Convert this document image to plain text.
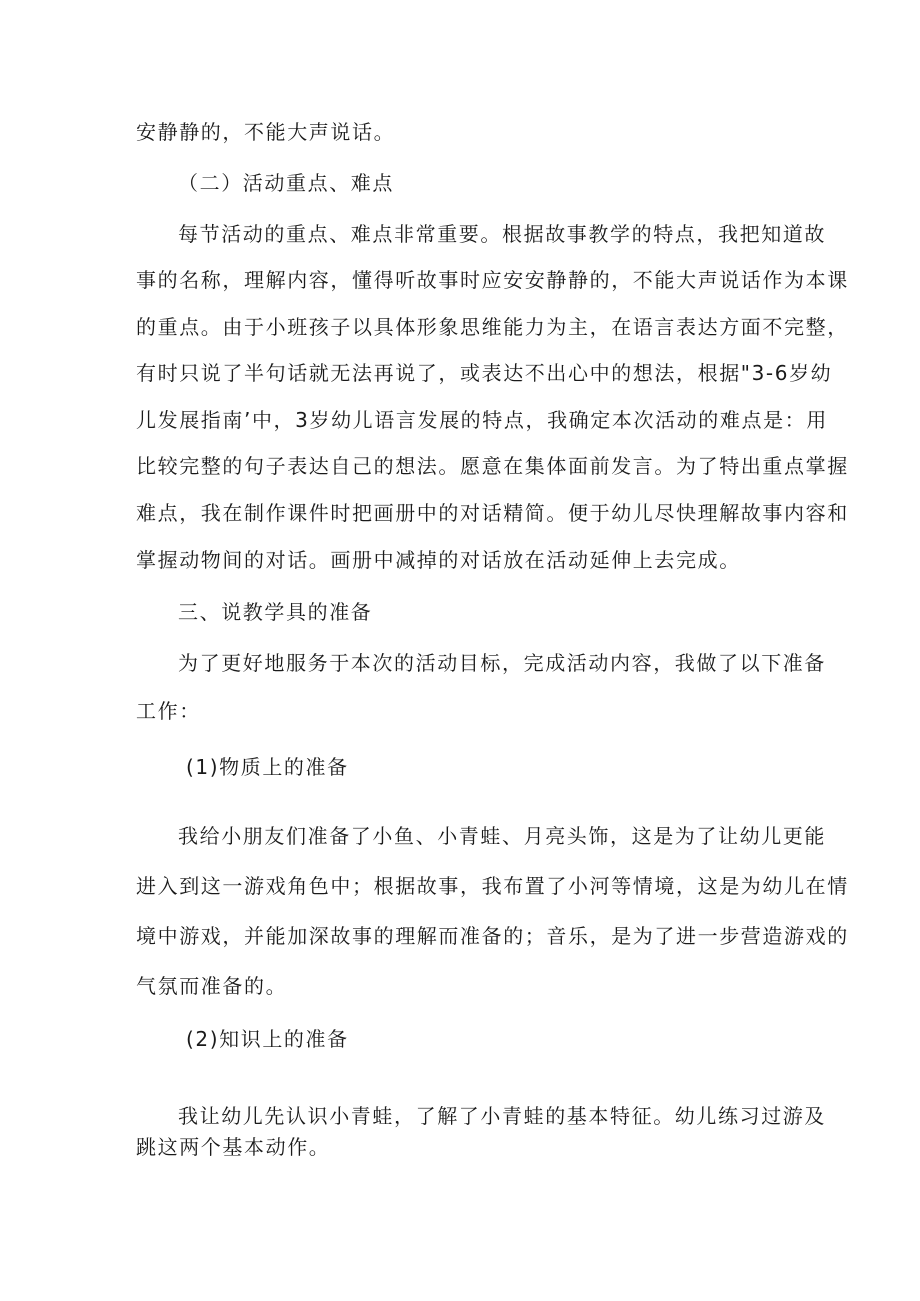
安静静的，不能大声说话。
（二）活动重点、难点
每节活动的重点、难点非常重要。根据故事教学的特点，我把知道故
事的名称，理解内容，懂得听故事时应安安静静的，不能大声说话作为本课
的重点。由于小班孩子以具体形象思维能力为主，在语言表达方面不完整，
有时只说了半句话就无法再说了，或表达不出心中的想法，根据"3-6岁幼
儿发展指南’中，3岁幼儿语言发展的特点，我确定本次活动的难点是：用
比较完整的句子表达自己的想法。愿意在集体面前发言。为了特出重点掌握
难点，我在制作课件时把画册中的对话精简。便于幼儿尽快理解故事内容和
掌握动物间的对话。画册中减掉的对话放在活动延伸上去完成。
三、说教学具的准备
为了更好地服务于本次的活动目标，完成活动内容，我做了以下准备
工作：
(1)物质上的准备
我给小朋友们准备了小鱼、小青蛙、月亮头饰，这是为了让幼儿更能
进入到这一游戏角色中；根据故事，我布置了小河等情境，这是为幼儿在情
境中游戏，并能加深故事的理解而准备的；音乐，是为了进一步营造游戏的
气氛而准备的。
(2)知识上的准备
我让幼儿先认识小青蛙，了解了小青蛙的基本特征。幼儿练习过游及
跳这两个基本动作。
